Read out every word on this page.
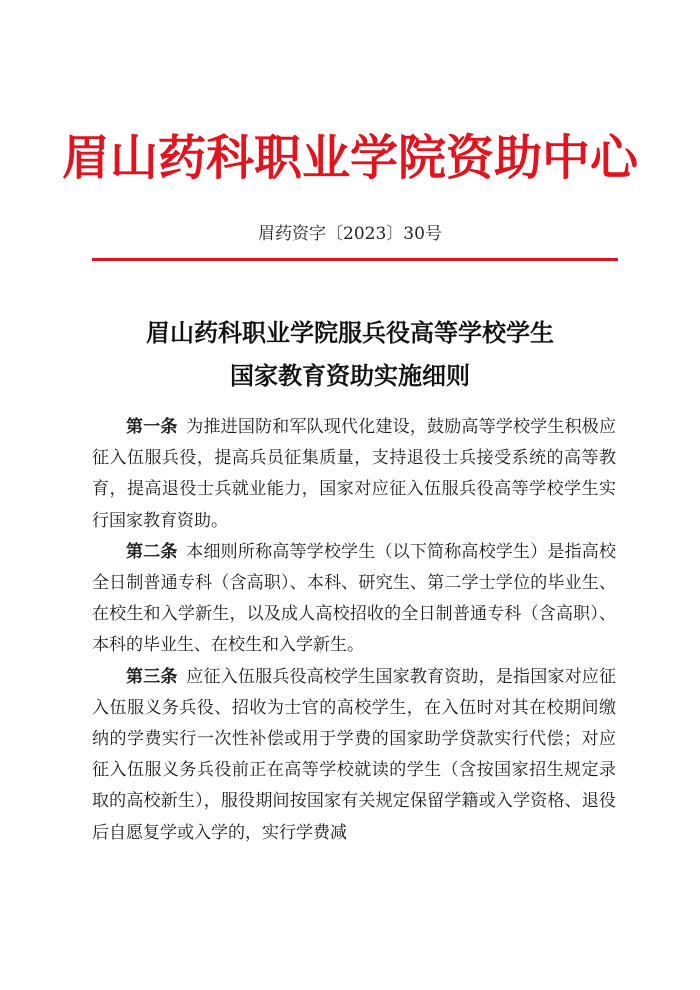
眉山药科职业学院资助中心
眉药资字〔2023〕30号
眉山药科职业学院服兵役高等学校学生
国家教育资助实施细则

第一条 为推进国防和军队现代化建设，鼓励高等学校学生积极应征入伍服兵役，提高兵员征集质量，支持退役士兵接受系统的高等教育，提高退役士兵就业能力，国家对应征入伍服兵役高等学校学生实行国家教育资助。

第二条 本细则所称高等学校学生（以下简称高校学生）是指高校全日制普通专科（含高职）、本科、研究生、第二学士学位的毕业生、在校生和入学新生，以及成人高校招收的全日制普通专科（含高职）、本科的毕业生、在校生和入学新生。

第三条 应征入伍服兵役高校学生国家教育资助，是指国家对应征入伍服义务兵役、招收为士官的高校学生，在入伍时对其在校期间缴纳的学费实行一次性补偿或用于学费的国家助学贷款实行代偿；对应征入伍服义务兵役前正在高等学校就读的学生（含按国家招生规定录取的高校新生），服役期间按国家有关规定保留学籍或入学资格、退役后自愿复学或入学的，实行学费减
